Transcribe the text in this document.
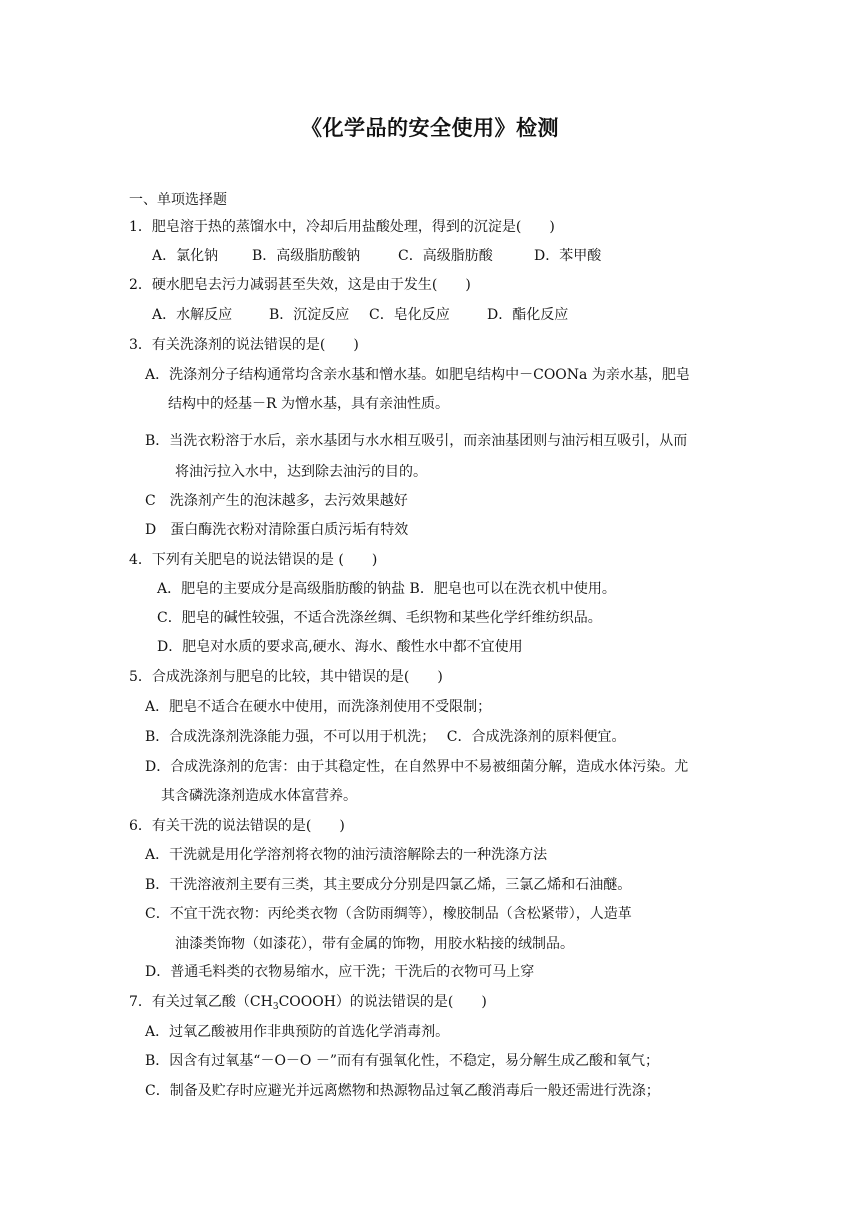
《化学品的安全使用》检测
一、单项选择题
1．肥皂溶于热的蒸馏水中，冷却后用盐酸处理，得到的沉淀是(　　)
A．氯化钠 B．高级脂肪酸钠	C．高级脂肪酸	D．苯甲酸
2．硬水肥皂去污力减弱甚至失效，这是由于发生(　　)
A．水解反应	B．沉淀反应 C．皂化反应	D．酯化反应
3．有关洗涤剂的说法错误的是(　　)
A．洗涤剂分子结构通常均含亲水基和憎水基。如肥皂结构中－COONa 为亲水基，肥皂
结构中的烃基－R 为憎水基，具有亲油性质。
B．当洗衣粉溶于水后，亲水基团与水水相互吸引，而亲油基团则与油污相互吸引，从而
将油污拉入水中，达到除去油污的目的。
C　洗涤剂产生的泡沫越多，去污效果越好
D　蛋白酶洗衣粉对清除蛋白质污垢有特效
4．下列有关肥皂的说法错误的是 (　　)
A．肥皂的主要成分是高级脂肪酸的钠盐 B．肥皂也可以在洗衣机中使用。
C．肥皂的碱性较强，不适合洗涤丝绸、毛织物和某些化学纤维纺织品。
D．肥皂对水质的要求高,硬水、海水、酸性水中都不宜使用
5．合成洗涤剂与肥皂的比较，其中错误的是(　　)
A．肥皂不适合在硬水中使用，而洗涤剂使用不受限制；
B．合成洗涤剂洗涤能力强，不可以用于机洗；　 C．合成洗涤剂的原料便宜。
D．合成洗涤剂的危害：由于其稳定性，在自然界中不易被细菌分解，造成水体污染。尤
其含磷洗涤剂造成水体富营养。
6．有关干洗的说法错误的是(　　)
A．干洗就是用化学溶剂将衣物的油污渍溶解除去的一种洗涤方法
B．干洗溶液剂主要有三类，其主要成分分别是四氯乙烯，三氯乙烯和石油醚。
C．不宜干洗衣物：丙纶类衣物（含防雨绸等），橡胶制品（含松紧带），人造革
油漆类饰物（如漆花），带有金属的饰物，用胶水粘接的绒制品。
D．普通毛料类的衣物易缩水，应干洗；干洗后的衣物可马上穿
7．有关过氧乙酸$(CH_3COOOH)$的说法错误的是(　　)
A．过氧乙酸被用作非典预防的首选化学消毒剂。
B．因含有过氧基“－O－O －”而有有强氧化性，不稳定，易分解生成乙酸和氧气；
C．制备及贮存时应避光并远离燃物和热源物品过氧乙酸消毒后一般还需进行洗涤；
